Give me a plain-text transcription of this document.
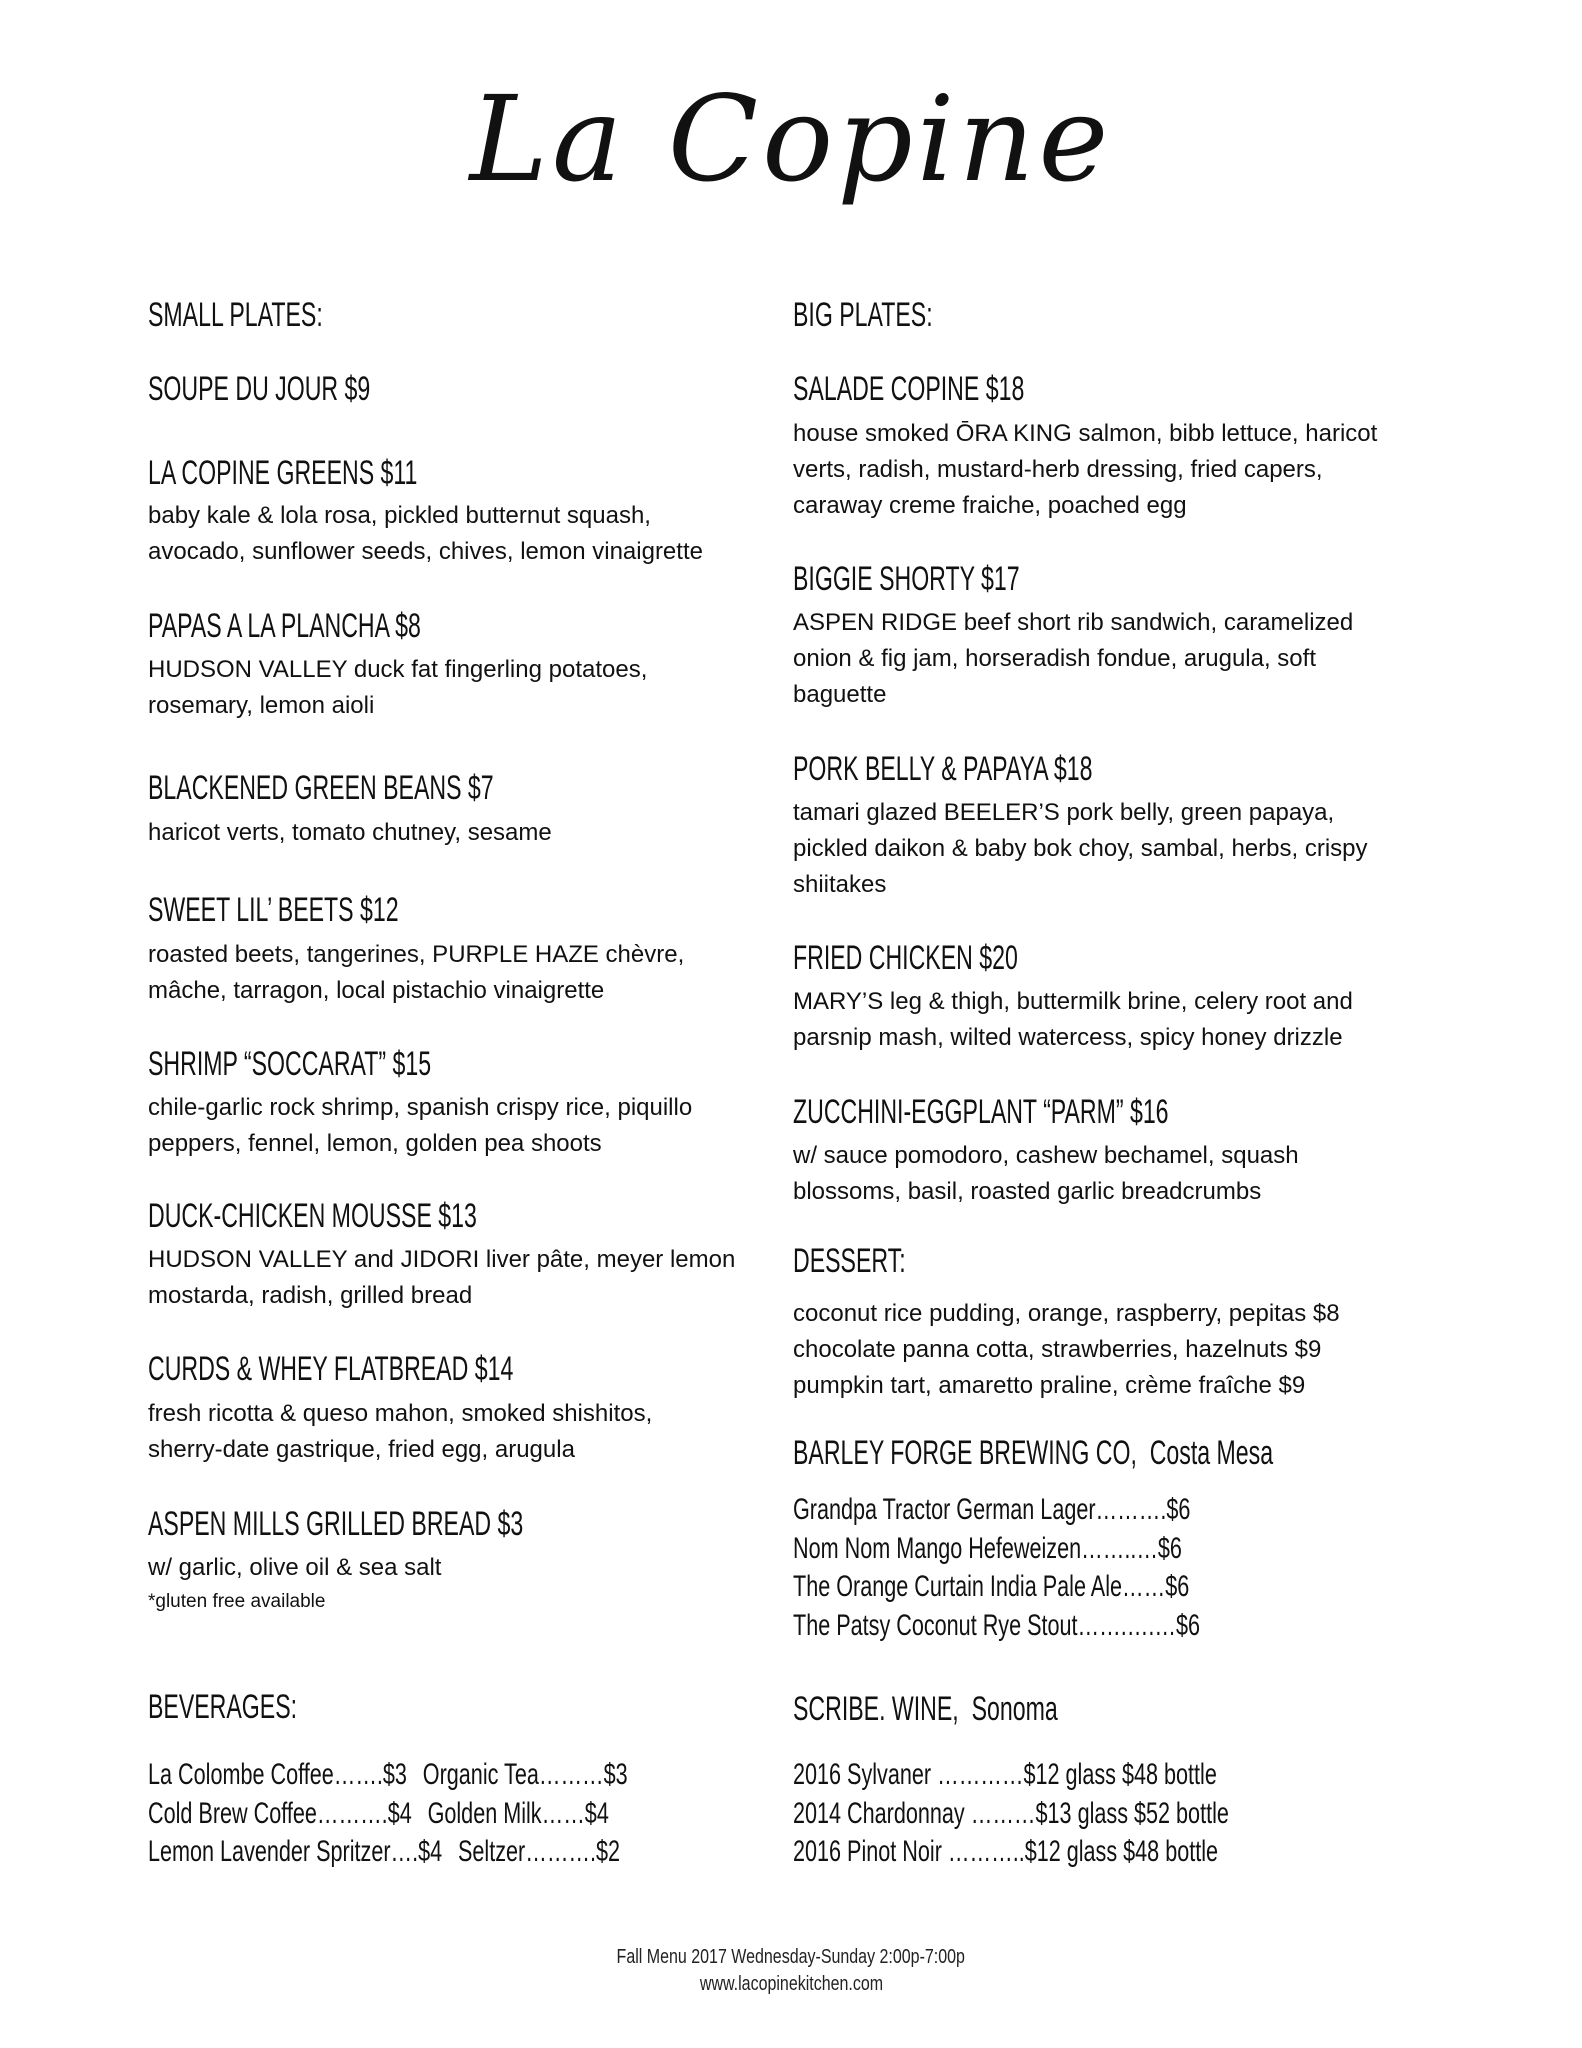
La Copine
SMALL PLATES:	BIG PLATES:
SOUPE DU JOUR $9
LA COPINE GREENS $11
baby kale & lola rosa, pickled butternut squash,
avocado, sunflower seeds, chives, lemon vinaigrette
PAPAS A LA PLANCHA $8
HUDSON VALLEY duck fat fingerling potatoes,
rosemary, lemon aioli
BLACKENED GREEN BEANS $7
haricot verts, tomato chutney, sesame
SWEET LIL’ BEETS $12
roasted beets, tangerines, PURPLE HAZE chèvre,
mâche, tarragon, local pistachio vinaigrette
SHRIMP “SOCCARAT” $15
chile-garlic rock shrimp, spanish crispy rice, piquillo
peppers, fennel, lemon, golden pea shoots
DUCK-CHICKEN MOUSSE $13
HUDSON VALLEY and JIDORI liver pâte, meyer lemon
mostarda, radish, grilled bread
CURDS & WHEY FLATBREAD $14
fresh ricotta & queso mahon, smoked shishitos,
sherry-date gastrique, fried egg, arugula
ASPEN MILLS GRILLED BREAD $3
w/ garlic, olive oil & sea salt
*gluten free available
SALADE COPINE $18
house smoked ŌRA KING salmon, bibb lettuce, haricot
verts, radish, mustard-herb dressing, fried capers,
caraway creme fraiche, poached egg
BIGGIE SHORTY $17
ASPEN RIDGE beef short rib sandwich, caramelized
onion & fig jam, horseradish fondue, arugula, soft
baguette
PORK BELLY & PAPAYA $18
tamari glazed BEELER’S pork belly, green papaya,
pickled daikon & baby bok choy, sambal, herbs, crispy
shiitakes
FRIED CHICKEN $20
MARY’S leg & thigh, buttermilk brine, celery root and
parsnip mash, wilted watercess, spicy honey drizzle
ZUCCHINI-EGGPLANT “PARM” $16
w/ sauce pomodoro, cashew bechamel, squash
blossoms, basil, roasted garlic breadcrumbs
BEVERAGES:
La Colombe Coffee…….$3 Organic Tea………$3
Cold Brew Coffee……….$4 Golden Milk……$4
Lemon Lavender Spritzer….$4 Seltzer……….$2
DESSERT:
coconut rice pudding, orange, raspberry, pepitas $8
chocolate panna cotta, strawberries, hazelnuts $9
pumpkin tart, amaretto praline, crème fraîche $9
BARLEY FORGE BREWING CO, Costa Mesa
Grandpa Tractor German Lager……….$6
Nom Nom Mango Hefeweizen……..…$6
The Orange Curtain India Pale Ale……$6
The Patsy Coconut Rye Stout…….….…$6
SCRIBE. WINE, Sonoma
2016 Sylvaner …………$12 glass $48 bottle
2014 Chardonnay ………$13 glass $52 bottle
2016 Pinot Noir ………..$12 glass $48 bottle
Fall Menu 2017 Wednesday-Sunday 2:00p-7:00p
www.lacopinekitchen.com
